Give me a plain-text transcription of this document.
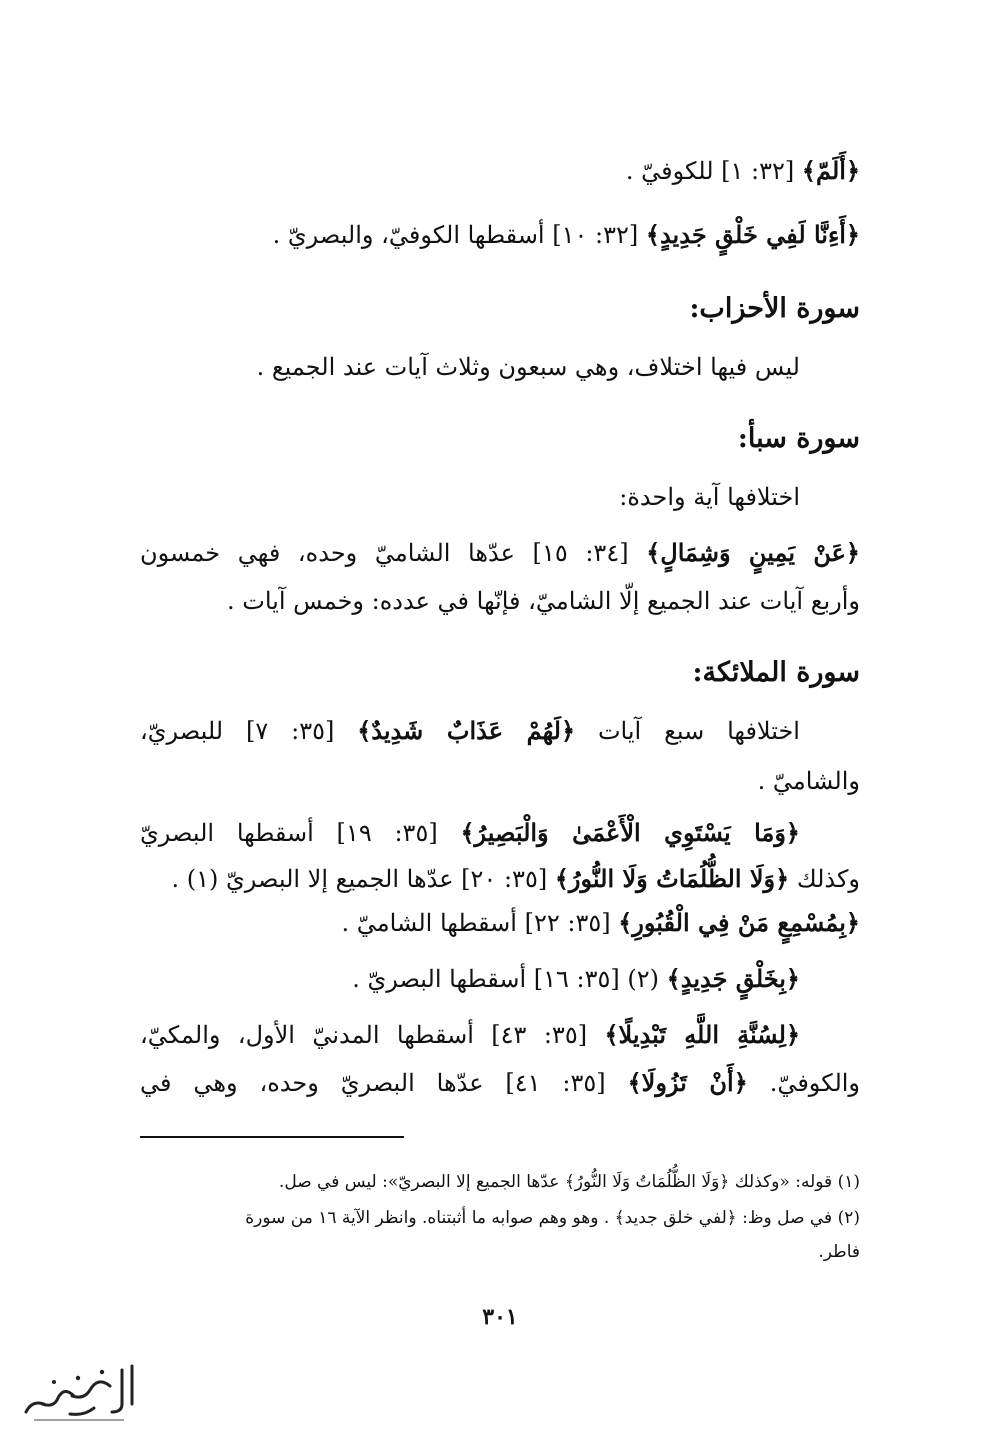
﴿أَلَمّ﴾ [٣٢: ١] للكوفيّ .
﴿أَءِنَّا لَفِي خَلْقٍ جَدِيدٍ﴾ [٣٢: ١٠] أسقطها الكوفيّ، والبصريّ .
سورة الأحزاب:
ليس فيها اختلاف، وهي سبعون وثلاث آيات عند الجميع .
سورة سبأ:
اختلافها آية واحدة:
﴿عَنْ يَمِينٍ وَشِمَالٍ﴾ [٣٤: ١٥] عدّها الشاميّ وحده، فهي خمسون
وأربع آيات عند الجميع إلّا الشاميّ، فإنّها في عدده: وخمس آيات .
سورة الملائكة:
اختلافها سبع آيات ﴿لَهُمْ عَذَابٌ شَدِيدٌ﴾ [٣٥: ٧] للبصريّ،
والشاميّ .
﴿وَمَا يَسْتَوِي الْأَعْمَىٰ وَالْبَصِيرُ﴾ [٣٥: ١٩] أسقطها البصريّ
وكذلك ﴿وَلَا الظُّلُمَاتُ وَلَا النُّورُ﴾ [٣٥: ٢٠] عدّها الجميع إلا البصريّ (١) .
﴿بِمُسْمِعٍ مَنْ فِي الْقُبُورِ﴾ [٣٥: ٢٢] أسقطها الشاميّ .
﴿بِخَلْقٍ جَدِيدٍ﴾ (٢) [٣٥: ١٦] أسقطها البصريّ .
﴿لِسُنَّةِ اللَّهِ تَبْدِيلًا﴾ [٣٥: ٤٣] أسقطها المدنيّ الأول، والمكيّ،
والكوفيّ. ﴿أَنْ تَزُولَا﴾ [٣٥: ٤١] عدّها البصريّ وحده، وهي في
(١) قوله: «وكذلك ﴿وَلَا الظُّلُمَاتُ وَلَا النُّورُ﴾ عدّها الجميع إلا البصريّ»: ليس في صل.
(٢) في صل وظ: ﴿لفي خلق جديد﴾ . وهو وهم صوابه ما أثبتناه. وانظر الآية ١٦ من سورة
فاطر.
٣٠١
